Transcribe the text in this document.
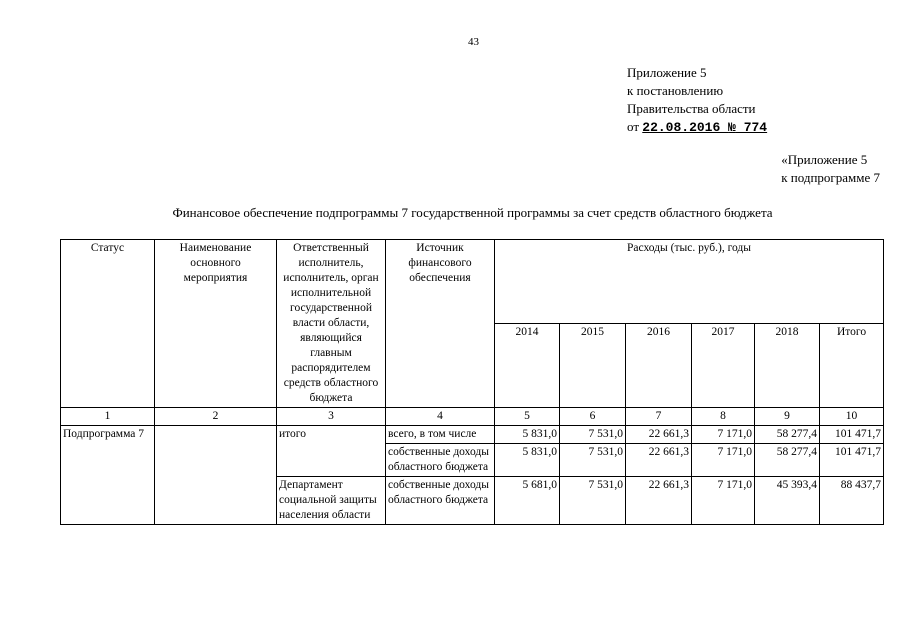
43
Приложение 5
к постановлению
Правительства области
от 22.08.2016 № 774
«Приложение 5
к подпрограмме 7
Финансовое обеспечение подпрограммы 7 государственной программы за счет средств областного бюджета
Статус	Наименование основного мероприятия	Ответственный исполнитель, исполнитель, орган исполнительной государственной власти области, являющийся главным распорядителем средств областного бюджета	Источник финансового обеспечения	Расходы (тыс. руб.), годы					
				2014	2015	2016	2017	2018	Итого
1	2	3	4	5	6	7	8	9	10
Подпрограмма 7		итого	всего, в том числе	5 831,0	7 531,0	22 661,3	7 171,0	58 277,4	101 471,7
			собственные доходы областного бюджета	5 831,0	7 531,0	22 661,3	7 171,0	58 277,4	101 471,7
		Департамент социальной защиты населения области	собственные доходы областного бюджета	5 681,0	7 531,0	22 661,3	7 171,0	45 393,4	88 437,7
